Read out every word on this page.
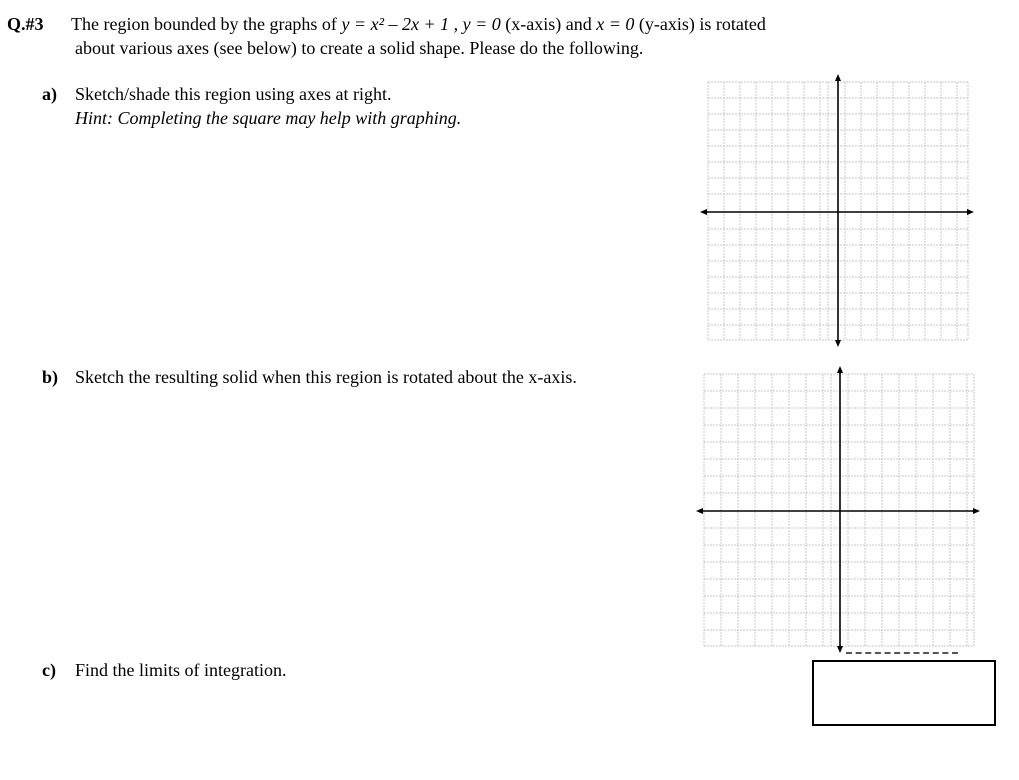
Q.#3 The region bounded by the graphs of y = x² – 2x + 1 , y = 0 (x-axis) and x = 0 (y-axis) is rotated
about various axes (see below) to create a solid shape. Please do the following.
a) Sketch/shade this region using axes at right.
Hint: Completing the square may help with graphing.
b) Sketch the resulting solid when this region is rotated about the x-axis.
c) Find the limits of integration.
